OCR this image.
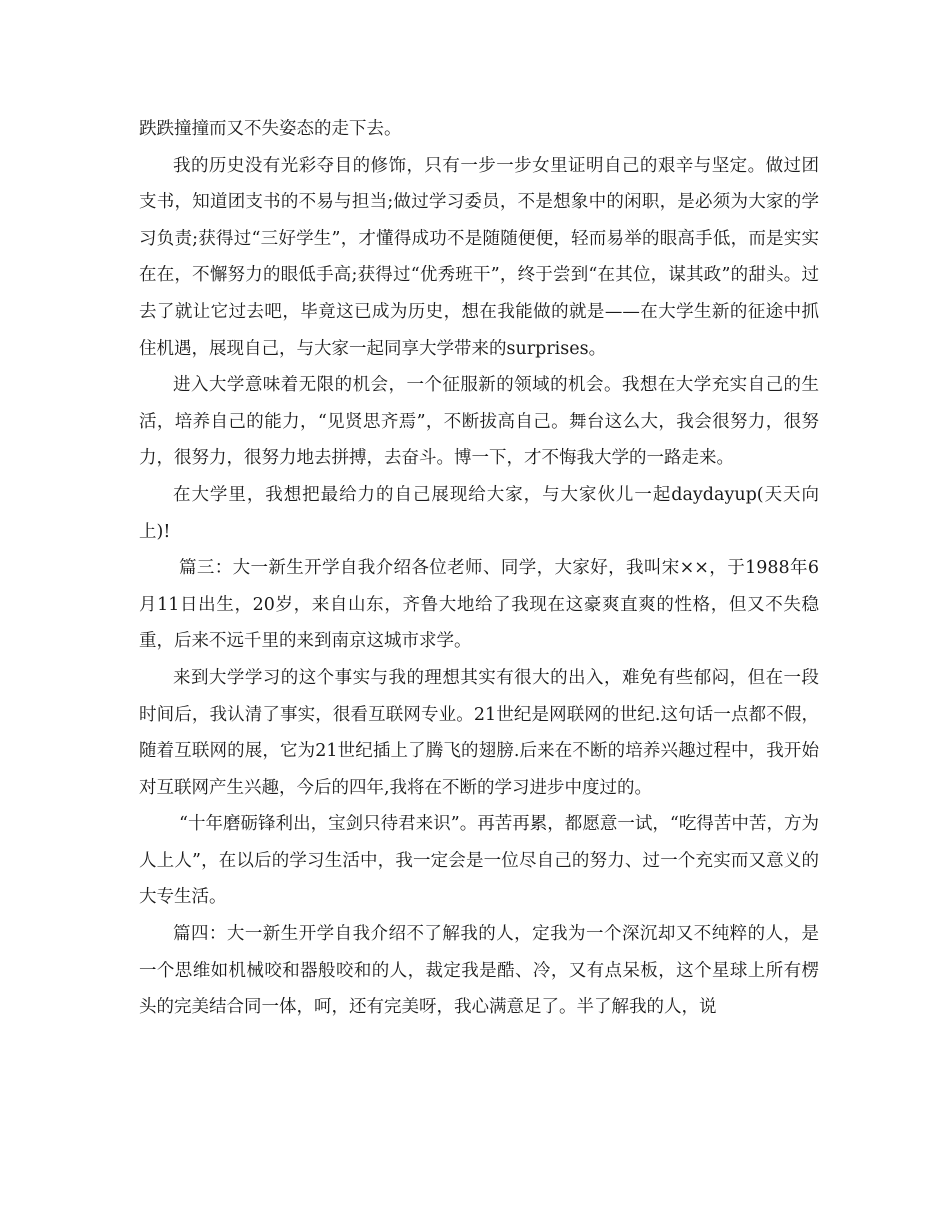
跌跌撞撞而又不失姿态的走下去。

我的历史没有光彩夺目的修饰，只有一步一步女里证明自己的艰辛与坚定。做过团支书，知道团支书的不易与担当;做过学习委员，不是想象中的闲职，是必须为大家的学习负责;获得过“三好学生”，才懂得成功不是随随便便，轻而易举的眼高手低，而是实实在在，不懈努力的眼低手高;获得过“优秀班干”，终于尝到“在其位，谋其政”的甜头。过去了就让它过去吧，毕竟这已成为历史，想在我能做的就是——在大学生新的征途中抓住机遇，展现自己，与大家一起同享大学带来的surprises。

进入大学意味着无限的机会，一个征服新的领域的机会。我想在大学充实自己的生活，培养自己的能力，“见贤思齐焉”，不断拔高自己。舞台这么大，我会很努力，很努力，很努力，很努力地去拼搏，去奋斗。博一下，才不悔我大学的一路走来。

在大学里，我想把最给力的自己展现给大家，与大家伙儿一起daydayup(天天向上)!

篇三：大一新生开学自我介绍各位老师、同学，大家好，我叫宋××，于1988年6月11日出生，20岁，来自山东，齐鲁大地给了我现在这豪爽直爽的性格，但又不失稳重，后来不远千里的来到南京这城市求学。

来到大学学习的这个事实与我的理想其实有很大的出入，难免有些郁闷，但在一段时间后，我认清了事实，很看互联网专业。21世纪是网联网的世纪.这句话一点都不假，随着互联网的展，它为21世纪插上了腾飞的翅膀.后来在不断的培养兴趣过程中，我开始对互联网产生兴趣，今后的四年,我将在不断的学习进步中度过的。

“十年磨砺锋利出，宝剑只待君来识”。再苦再累，都愿意一试，“吃得苦中苦，方为人上人”，在以后的学习生活中，我一定会是一位尽自己的努力、过一个充实而又意义的大专生活。

篇四：大一新生开学自我介绍不了解我的人，定我为一个深沉却又不纯粹的人，是一个思维如机械咬和器般咬和的人，裁定我是酷、冷，又有点呆板，这个星球上所有楞头的完美结合同一体，呵，还有完美呀，我心满意足了。半了解我的人，说
